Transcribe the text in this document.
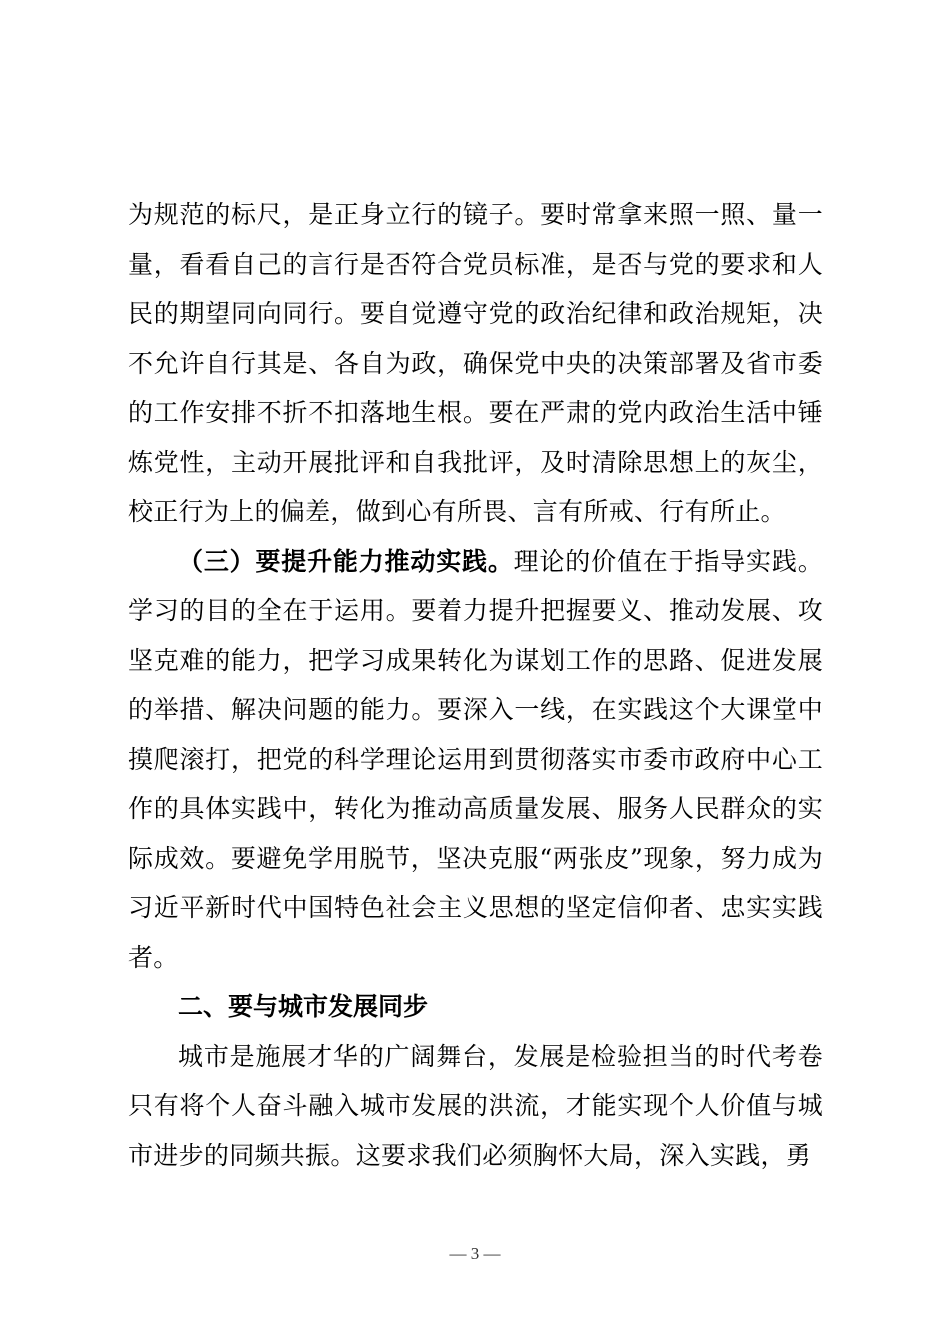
为规范的标尺，是正身立行的镜子。要时常拿来照一照、量一量，看看自己的言行是否符合党员标准，是否与党的要求和人民的期望同向同行。要自觉遵守党的政治纪律和政治规矩，决不允许自行其是、各自为政，确保党中央的决策部署及省市委的工作安排不折不扣落地生根。要在严肃的党内政治生活中锤炼党性，主动开展批评和自我批评，及时清除思想上的灰尘，校正行为上的偏差，做到心有所畏、言有所戒、行有所止。

（三）要提升能力推动实践。理论的价值在于指导实践。学习的目的全在于运用。要着力提升把握要义、推动发展、攻坚克难的能力，把学习成果转化为谋划工作的思路、促进发展的举措、解决问题的能力。要深入一线，在实践这个大课堂中摸爬滚打，把党的科学理论运用到贯彻落实市委市政府中心工作的具体实践中，转化为推动高质量发展、服务人民群众的实际成效。要避免学用脱节，坚决克服“两张皮”现象，努力成为习近平新时代中国特色社会主义思想的坚定信仰者、忠实实践者。

二、要与城市发展同步

城市是施展才华的广阔舞台，发展是检验担当的时代考卷只有将个人奋斗融入城市发展的洪流，才能实现个人价值与城市进步的同频共振。这要求我们必须胸怀大局，深入实践，勇

— 3 —
